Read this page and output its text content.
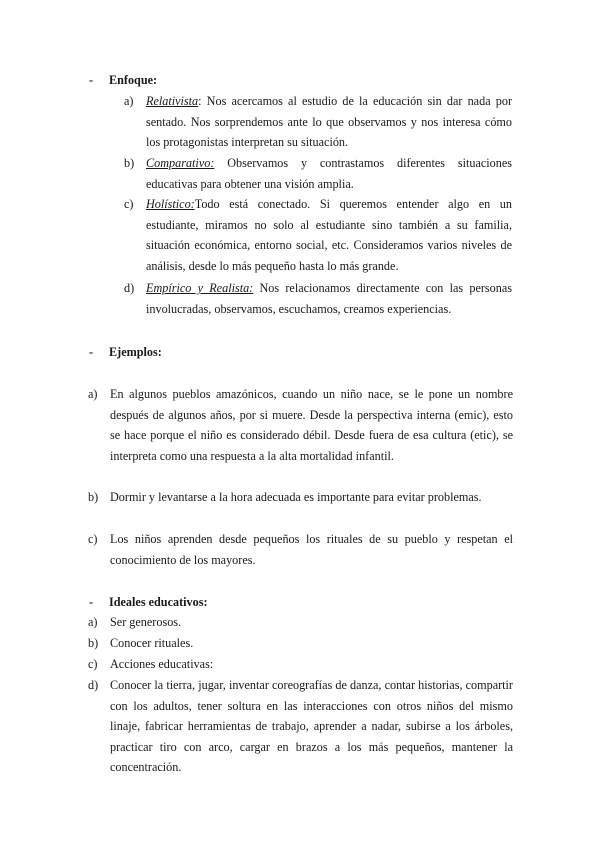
- Enfoque:
a) Relativista: Nos acercamos al estudio de la educación sin dar nada por sentado. Nos sorprendemos ante lo que observamos y nos interesa cómo los protagonistas interpretan su situación.
b) Comparativo: Observamos y contrastamos diferentes situaciones educativas para obtener una visión amplia.
c) Holístico:Todo está conectado. Si queremos entender algo en un estudiante, miramos no solo al estudiante sino también a su familia, situación económica, entorno social, etc. Consideramos varios niveles de análisis, desde lo más pequeño hasta lo más grande.
d) Empírico y Realista: Nos relacionamos directamente con las personas involucradas, observamos, escuchamos, creamos experiencias.
- Ejemplos:
a) En algunos pueblos amazónicos, cuando un niño nace, se le pone un nombre después de algunos años, por si muere. Desde la perspectiva interna (emic), esto se hace porque el niño es considerado débil. Desde fuera de esa cultura (etic), se interpreta como una respuesta a la alta mortalidad infantil.
b) Dormir y levantarse a la hora adecuada es importante para evitar problemas.
c) Los niños aprenden desde pequeños los rituales de su pueblo y respetan el conocimiento de los mayores.
- Ideales educativos:
a) Ser generosos.
b) Conocer rituales.
c) Acciones educativas:
d) Conocer la tierra, jugar, inventar coreografías de danza, contar historias, compartir con los adultos, tener soltura en las interacciones con otros niños del mismo linaje, fabricar herramientas de trabajo, aprender a nadar, subirse a los árboles, practicar tiro con arco, cargar en brazos a los más pequeños, mantener la concentración.
